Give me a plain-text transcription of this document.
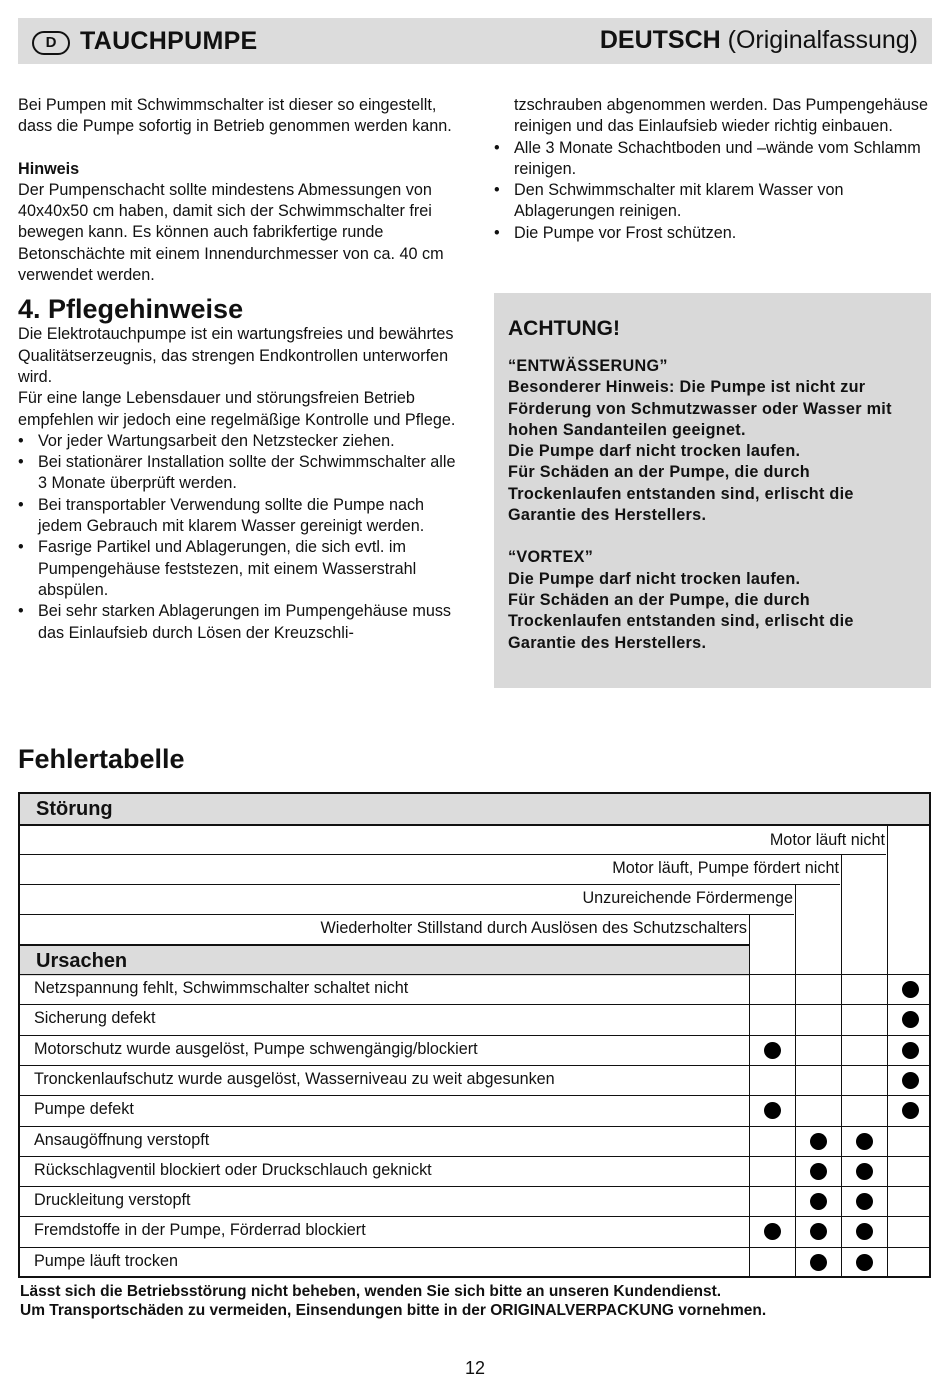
D TAUCHPUMPE	DEUTSCH (Originalfassung)

Bei Pumpen mit Schwimmschalter ist dieser so eingestellt, dass die Pumpe sofortig in Betrieb genommen werden kann.

Hinweis

Der Pumpenschacht sollte mindestens Abmessungen von 40x40x50 cm haben, damit sich der Schwimmschalter frei bewegen kann. Es können auch fabrikfertige runde Betonschächte mit einem Innendurchmesser von ca. 40 cm verwendet werden.

4. Pflegehinweise

Die Elektrotauchpumpe ist ein wartungsfreies und bewährtes Qualitätserzeugnis, das strengen Endkontrollen unterworfen wird.

Für eine lange Lebensdauer und störungsfreien Betrieb empfehlen wir jedoch eine regelmäßige Kontrolle und Pflege.

• Vor jeder Wartungsarbeit den Netzstecker ziehen.
• Bei stationärer Installation sollte der Schwimmschalter alle 3 Monate überprüft werden.
• Bei transportabler Verwendung sollte die Pumpe nach jedem Gebrauch mit klarem Wasser gereinigt werden.
• Fasrige Partikel und Ablagerungen, die sich evtl. im Pumpengehäuse feststezen, mit einem Wasserstrahl abspülen.
• Bei sehr starken Ablagerungen im Pumpengehäuse muss das Einlaufsieb durch Lösen der Kreuzschli-

tzschrauben abgenommen werden. Das Pumpengehäuse reinigen und das Einlaufsieb wieder richtig einbauen.

• Alle 3 Monate Schachtboden und –wände vom Schlamm reinigen.
• Den Schwimmschalter mit klarem Wasser von Ablagerungen reinigen.
• Die Pumpe vor Frost schützen.
ACHTUNG!

“ENTWÄSSERUNG”

Besonderer Hinweis: Die Pumpe ist nicht zur Förderung von Schmutzwasser oder Wasser mit hohen Sandanteilen geeignet.

Die Pumpe darf nicht trocken laufen.

Für Schäden an der Pumpe, die durch Trockenlaufen entstanden sind, erlischt die Garantie des Herstellers.

“VORTEX”

Die Pumpe darf nicht trocken laufen.

Für Schäden an der Pumpe, die durch Trockenlaufen entstanden sind, erlischt die Garantie des Herstellers.

Fehlertabelle
Störung
Motor läuft nicht
Motor läuft, Pumpe fördert nicht
Unzureichende Fördermenge
Wiederholter Stillstand durch Auslösen des Schutzschalters
Ursachen
Netzspannung fehlt, Schwimmschalter schaltet nicht
Sicherung defekt
Motorschutz wurde ausgelöst, Pumpe schwengängig/blockiert
Tronckenlaufschutz wurde ausgelöst, Wasserniveau zu weit abgesunken
Pumpe defekt
Ansaugöffnung verstopft
Rückschlagventil blockiert oder Druckschlauch geknickt
Druckleitung verstopft
Fremdstoffe in der Pumpe, Förderrad blockiert
Pumpe läuft trocken

Lässt sich die Betriebsstörung nicht beheben, wenden Sie sich bitte an unseren Kundendienst.

Um Transportschäden zu vermeiden, Einsendungen bitte in der ORIGINALVERPACKUNG vornehmen.

12
